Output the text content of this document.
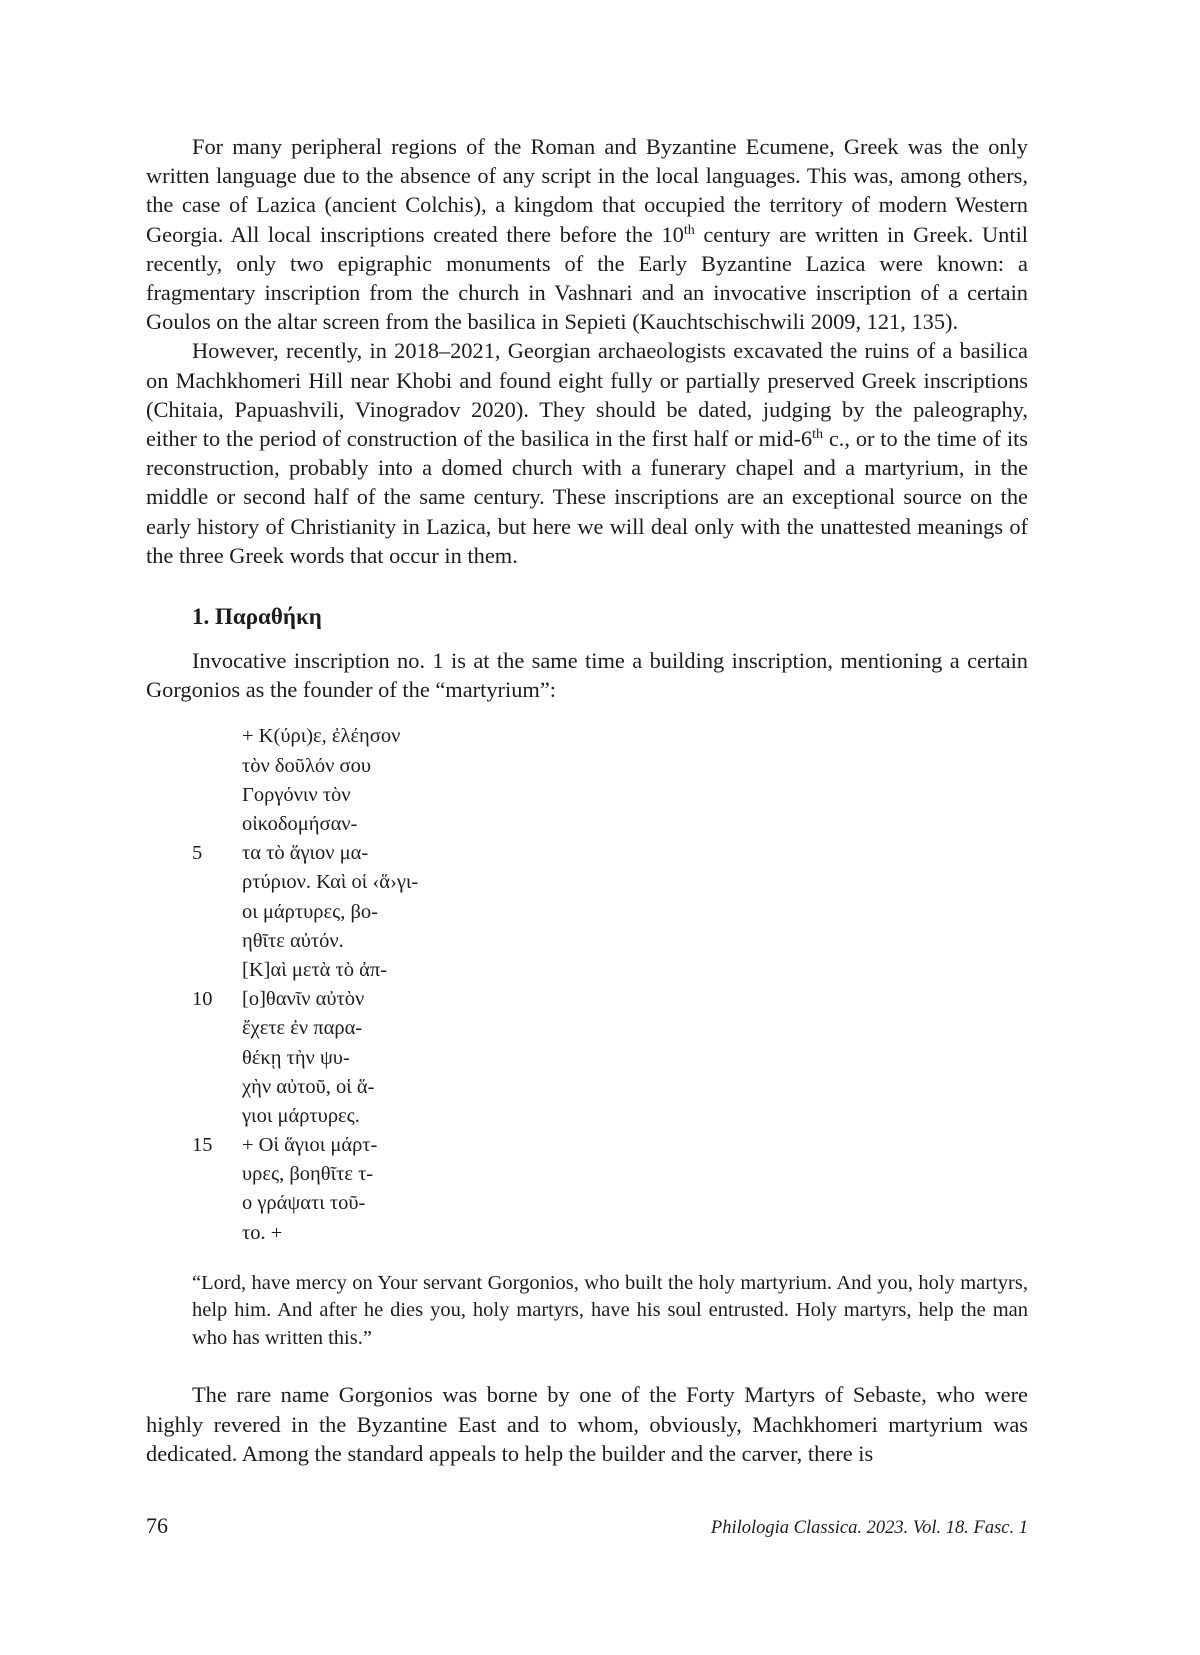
For many peripheral regions of the Roman and Byzantine Ecumene, Greek was the only written language due to the absence of any script in the local languages. This was, among others, the case of Lazica (ancient Colchis), a kingdom that occupied the territory of modern Western Georgia. All local inscriptions created there before the 10th century are written in Greek. Until recently, only two epigraphic monuments of the Early Byzantine Lazica were known: a fragmentary inscription from the church in Vashnari and an invocative inscription of a certain Goulos on the altar screen from the basilica in Sepieti (Kauchtschischwili 2009, 121, 135).

However, recently, in 2018–2021, Georgian archaeologists excavated the ruins of a basilica on Machkhomeri Hill near Khobi and found eight fully or partially preserved Greek inscriptions (Chitaia, Papuashvili, Vinogradov 2020). They should be dated, judging by the paleography, either to the period of construction of the basilica in the first half or mid-6th c., or to the time of its reconstruction, probably into a domed church with a funerary chapel and a martyrium, in the middle or second half of the same century. These inscriptions are an exceptional source on the early history of Christianity in Lazica, but here we will deal only with the unattested meanings of the three Greek words that occur in them.

1. Παραθήκη

Invocative inscription no. 1 is at the same time a building inscription, mentioning a certain Gorgonios as the founder of the “martyrium”:

+ Κ(ύρι)ε, ἐλέησον
τὸν δοῦλόν σου
Γοργόνιν τὸν
οἰκοδομήσαν-
5	τα τὸ ἅγιον μα-
ρτύριον. Καὶ οἱ ‹ἅ›γι-
οι μάρτυρες, βο-
ηθῖτε αὐτόν.
[Κ]αὶ μετὰ τὸ ἀπ-
10	[ο]θανῖν αὐτὸν
ἔχετε ἐν παρα-
θέκῃ τὴν ψυ-
χὴν αὐτοῦ, οἱ ἅ-
γιοι μάρτυρες.
15	+ Οἱ ἅγιοι μάρτ-
υρες, βοηθῖτε τ-
ο γράψατι τοῦ-
το. +

“Lord, have mercy on Your servant Gorgonios, who built the holy martyrium. And you, holy martyrs, help him. And after he dies you, holy martyrs, have his soul entrusted. Holy martyrs, help the man who has written this.”

The rare name Gorgonios was borne by one of the Forty Martyrs of Sebaste, who were highly revered in the Byzantine East and to whom, obviously, Machkhomeri martyrium was dedicated. Among the standard appeals to help the builder and the carver, there is

76	Philologia Classica. 2023. Vol. 18. Fasc. 1
